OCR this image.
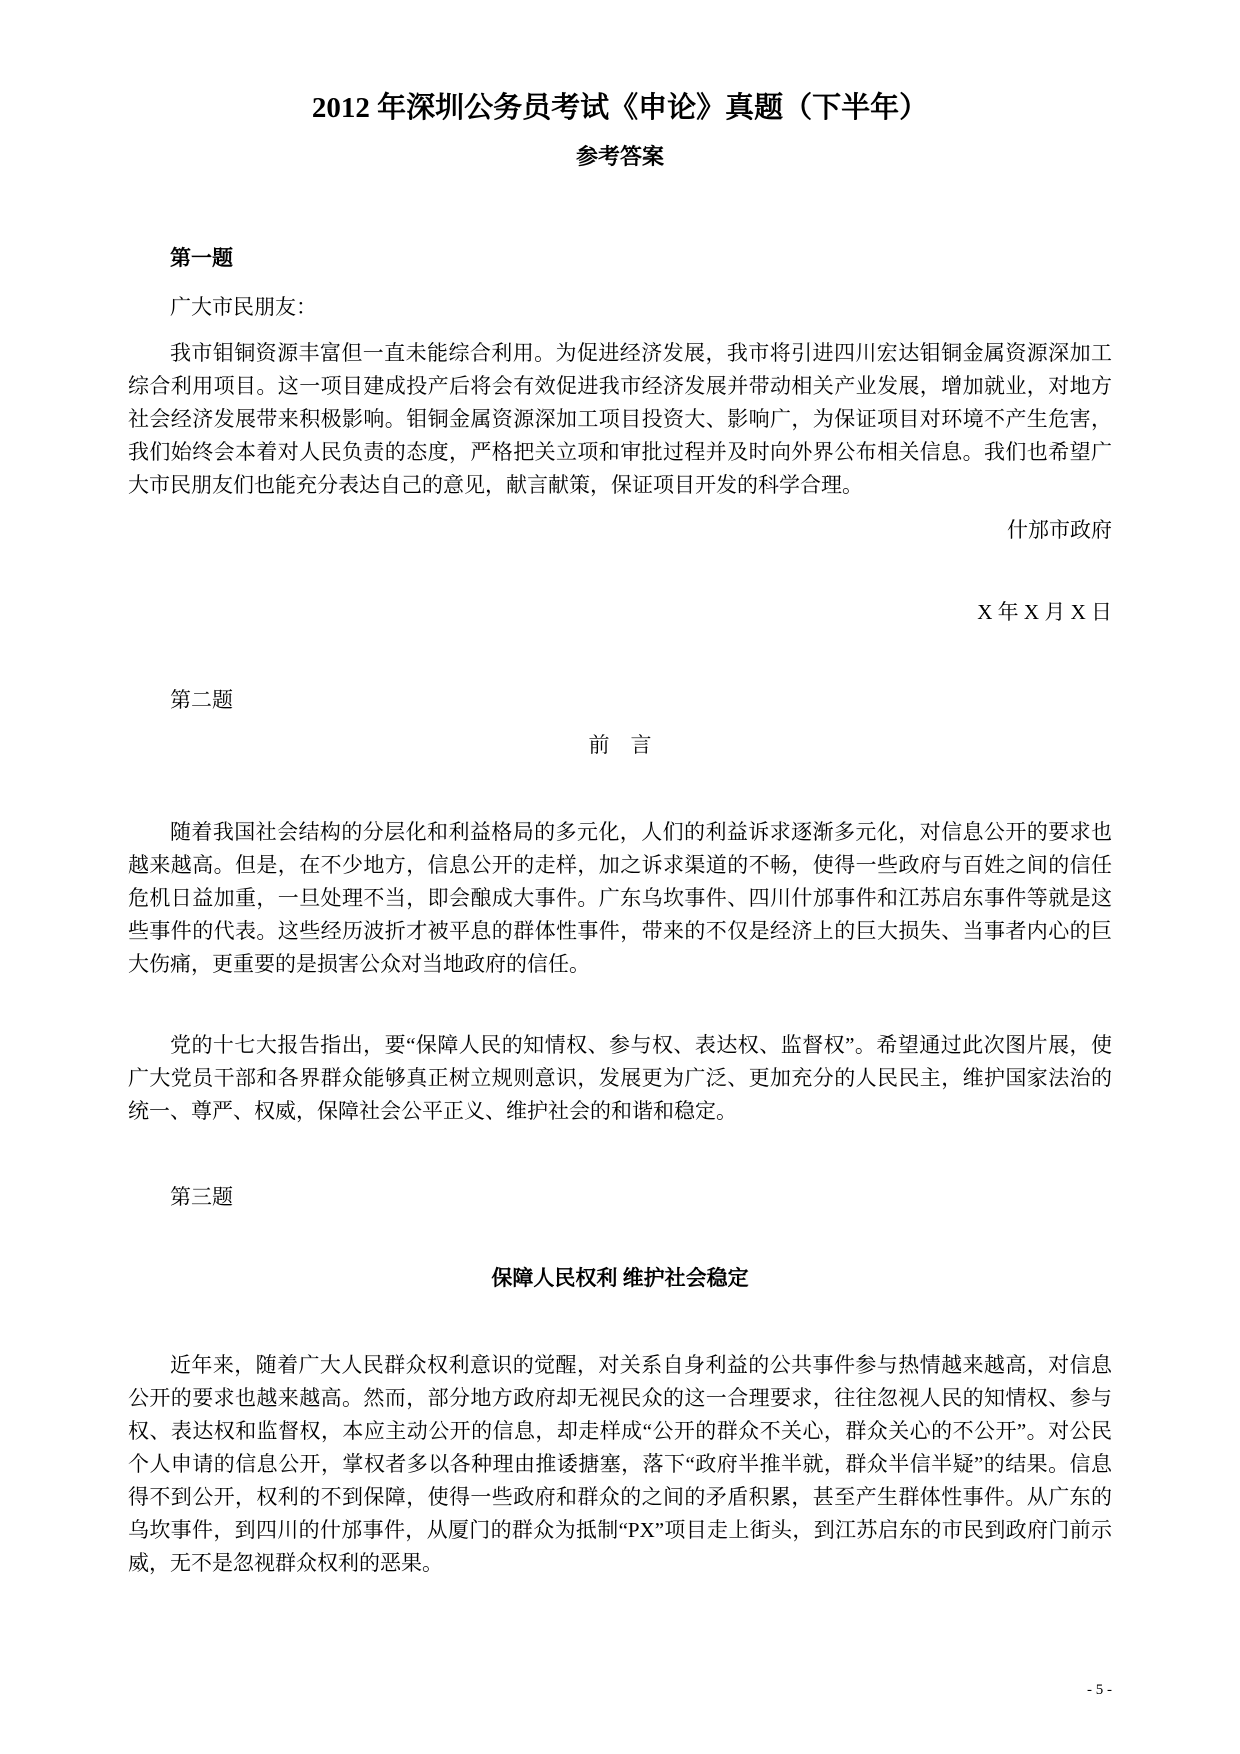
2012 年深圳公务员考试《申论》真题（下半年）
参考答案
第一题
广大市民朋友：

我市钼铜资源丰富但一直未能综合利用。为促进经济发展，我市将引进四川宏达钼铜金属资源深加工综合利用项目。这一项目建成投产后将会有效促进我市经济发展并带动相关产业发展，增加就业，对地方社会经济发展带来积极影响。钼铜金属资源深加工项目投资大、影响广，为保证项目对环境不产生危害，我们始终会本着对人民负责的态度，严格把关立项和审批过程并及时向外界公布相关信息。我们也希望广大市民朋友们也能充分表达自己的意见，献言献策，保证项目开发的科学合理。

什邡市政府
X 年 X 月 X 日
第二题
前　言

随着我国社会结构的分层化和利益格局的多元化，人们的利益诉求逐渐多元化，对信息公开的要求也越来越高。但是，在不少地方，信息公开的走样，加之诉求渠道的不畅，使得一些政府与百姓之间的信任危机日益加重，一旦处理不当，即会酿成大事件。广东乌坎事件、四川什邡事件和江苏启东事件等就是这些事件的代表。这些经历波折才被平息的群体性事件，带来的不仅是经济上的巨大损失、当事者内心的巨大伤痛，更重要的是损害公众对当地政府的信任。

党的十七大报告指出，要“保障人民的知情权、参与权、表达权、监督权”。希望通过此次图片展，使广大党员干部和各界群众能够真正树立规则意识，发展更为广泛、更加充分的人民民主，维护国家法治的统一、尊严、权威，保障社会公平正义、维护社会的和谐和稳定。

第三题
保障人民权利 维护社会稳定

近年来，随着广大人民群众权利意识的觉醒，对关系自身利益的公共事件参与热情越来越高，对信息公开的要求也越来越高。然而，部分地方政府却无视民众的这一合理要求，往往忽视人民的知情权、参与权、表达权和监督权，本应主动公开的信息，却走样成“公开的群众不关心，群众关心的不公开”。对公民个人申请的信息公开，掌权者多以各种理由推诿搪塞，落下“政府半推半就，群众半信半疑”的结果。信息得不到公开，权利的不到保障，使得一些政府和群众的之间的矛盾积累，甚至产生群体性事件。从广东的乌坎事件，到四川的什邡事件，从厦门的群众为抵制“PX”项目走上街头，到江苏启东的市民到政府门前示威，无不是忽视群众权利的恶果。

- 5 -
